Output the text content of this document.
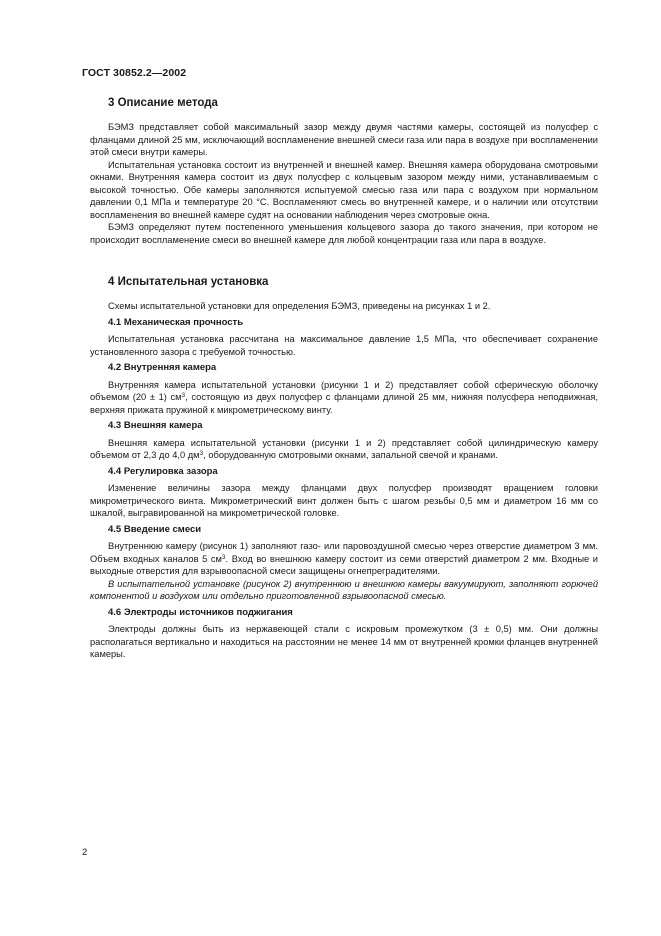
ГОСТ 30852.2—2002
3 Описание метода

БЭМЗ представляет собой максимальный зазор между двумя частями камеры, состоящей из полусфер с фланцами длиной 25 мм, исключающий воспламенение внешней смеси газа или пара в воздухе при воспламенении этой смеси внутри камеры.

Испытательная установка состоит из внутренней и внешней камер. Внешняя камера оборудована смотровыми окнами. Внутренняя камера состоит из двух полусфер с кольцевым зазором между ними, устанавливаемым с высокой точностью. Обе камеры заполняются испытуемой смесью газа или пара с воздухом при нормальном давлении 0,1 МПа и температуре 20 °С. Воспламеняют смесь во внутренней камере, и о наличии или отсутствии воспламенения во внешней камере судят на основании наблюдения через смотровые окна.

БЭМЗ определяют путем постепенного уменьшения кольцевого зазора до такого значения, при котором не происходит воспламенение смеси во внешней камере для любой концентрации газа или пара в воздухе.

4 Испытательная установка

Схемы испытательной установки для определения БЭМЗ, приведены на рисунках 1 и 2.

4.1 Механическая прочность

Испытательная установка рассчитана на максимальное давление 1,5 МПа, что обеспечивает сохранение установленного зазора с требуемой точностью.

4.2 Внутренняя камера

Внутренняя камера испытательной установки (рисунки 1 и 2) представляет собой сферическую оболочку объемом (20 ± 1) $см^3$, состоящую из двух полусфер с фланцами длиной 25 мм, нижняя полусфера неподвижная, верхняя прижата пружиной к микрометрическому винту.

4.3 Внешняя камера

Внешняя камера испытательной установки (рисунки 1 и 2) представляет собой цилиндрическую камеру объемом от 2,3 до 4,0 $дм^3$, оборудованную смотровыми окнами, запальной свечой и кранами.

4.4 Регулировка зазора

Изменение величины зазора между фланцами двух полусфер производят вращением головки микрометрического винта. Микрометрический винт должен быть с шагом резьбы 0,5 мм и диаметром 16 мм со шкалой, выгравированной на микрометрической головке.

4.5 Введение смеси

Внутреннюю камеру (рисунок 1) заполняют газо- или паровоздушной смесью через отверстие диаметром 3 мм. Объем входных каналов 5 $см^3$. Вход во внешнюю камеру состоит из семи отверстий диаметром 2 мм. Входные и выходные отверстия для взрывоопасной смеси защищены огнепреградителями.

В испытательной установке (рисунок 2) внутреннюю и внешнюю камеры вакуумируют, заполняют горючей компонентой и воздухом или отдельно приготовленной взрывоопасной смесью.

4.6 Электроды источников поджигания

Электроды должны быть из нержавеющей стали с искровым промежутком (3 ± 0,5) мм. Они должны располагаться вертикально и находиться на расстоянии не менее 14 мм от внутренней кромки фланцев внутренней камеры.

2
